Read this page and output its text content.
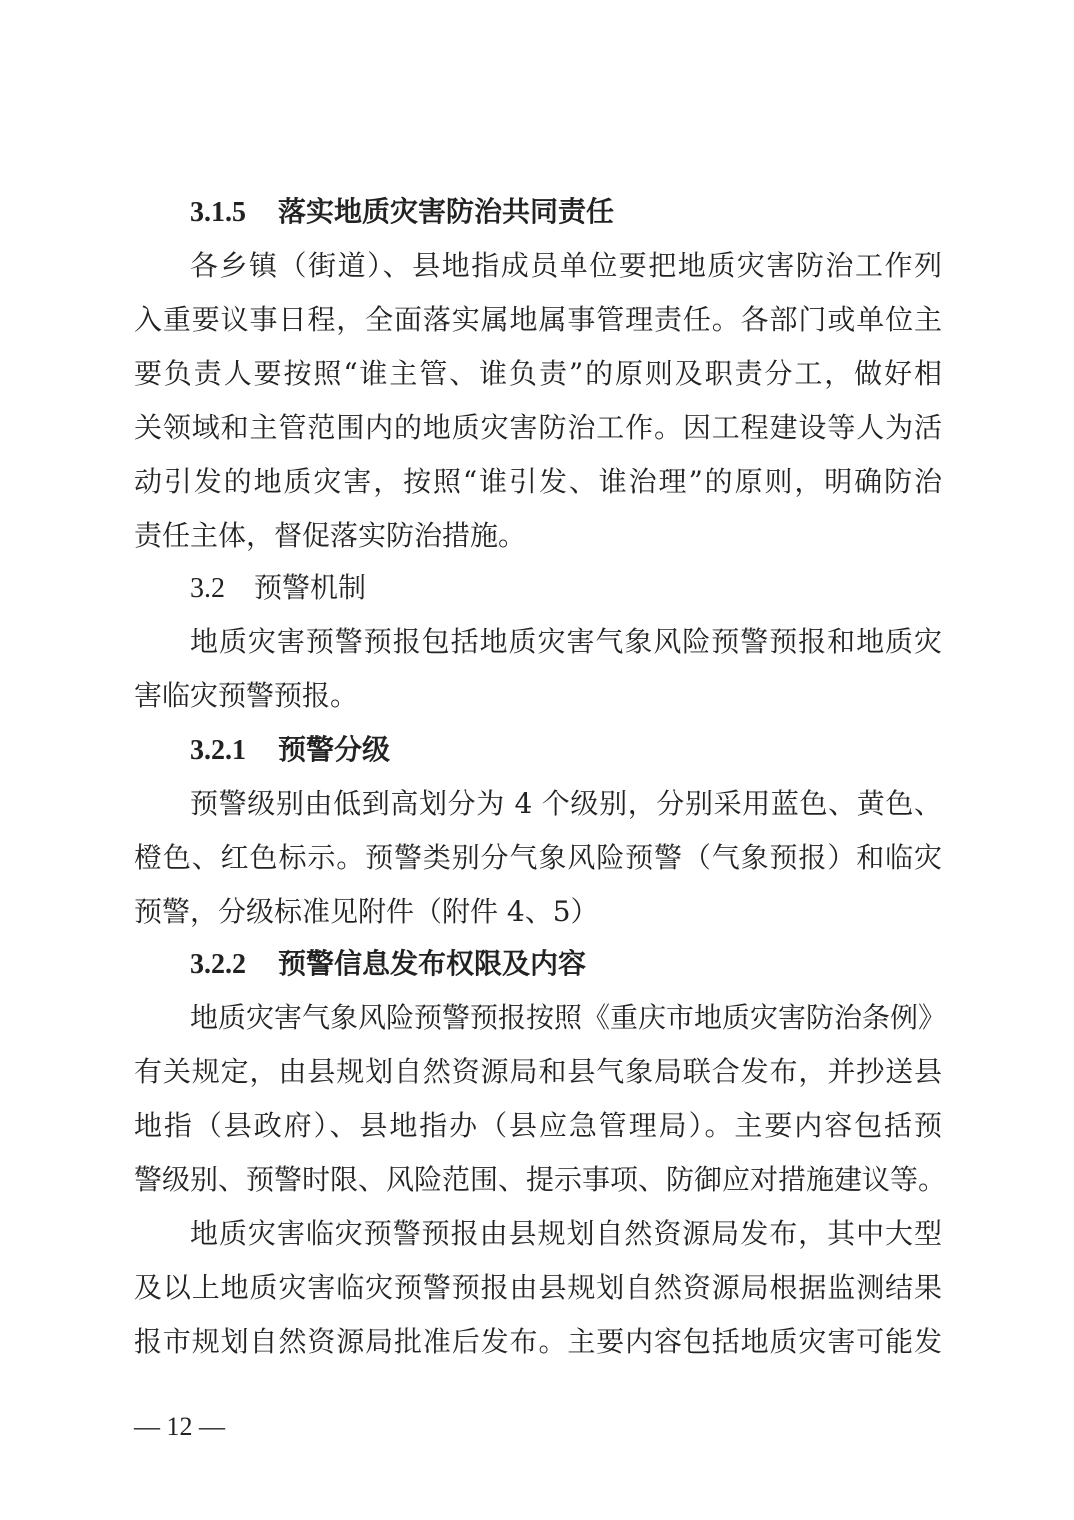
3.1.5 落实地质灾害防治共同责任
各乡镇（街道）、县地指成员单位要把地质灾害防治工作列
入重要议事日程，全面落实属地属事管理责任。各部门或单位主
要负责人要按照“谁主管、谁负责”的原则及职责分工，做好相
关领域和主管范围内的地质灾害防治工作。因工程建设等人为活
动引发的地质灾害，按照“谁引发、谁治理”的原则，明确防治
责任主体，督促落实防治措施。
3.2 预警机制
地质灾害预警预报包括地质灾害气象风险预警预报和地质灾
害临灾预警预报。
3.2.1 预警分级
预警级别由低到高划分为 4 个级别，分别采用蓝色、黄色、
橙色、红色标示。预警类别分气象风险预警（气象预报）和临灾
预警，分级标准见附件（附件 4、5）
3.2.2 预警信息发布权限及内容
地质灾害气象风险预警预报按照《重庆市地质灾害防治条例》
有关规定，由县规划自然资源局和县气象局联合发布，并抄送县
地指（县政府）、县地指办（县应急管理局）。主要内容包括预
警级别、预警时限、风险范围、提示事项、防御应对措施建议等。
地质灾害临灾预警预报由县规划自然资源局发布，其中大型
及以上地质灾害临灾预警预报由县规划自然资源局根据监测结果
报市规划自然资源局批准后发布。主要内容包括地质灾害可能发
— 12 —
